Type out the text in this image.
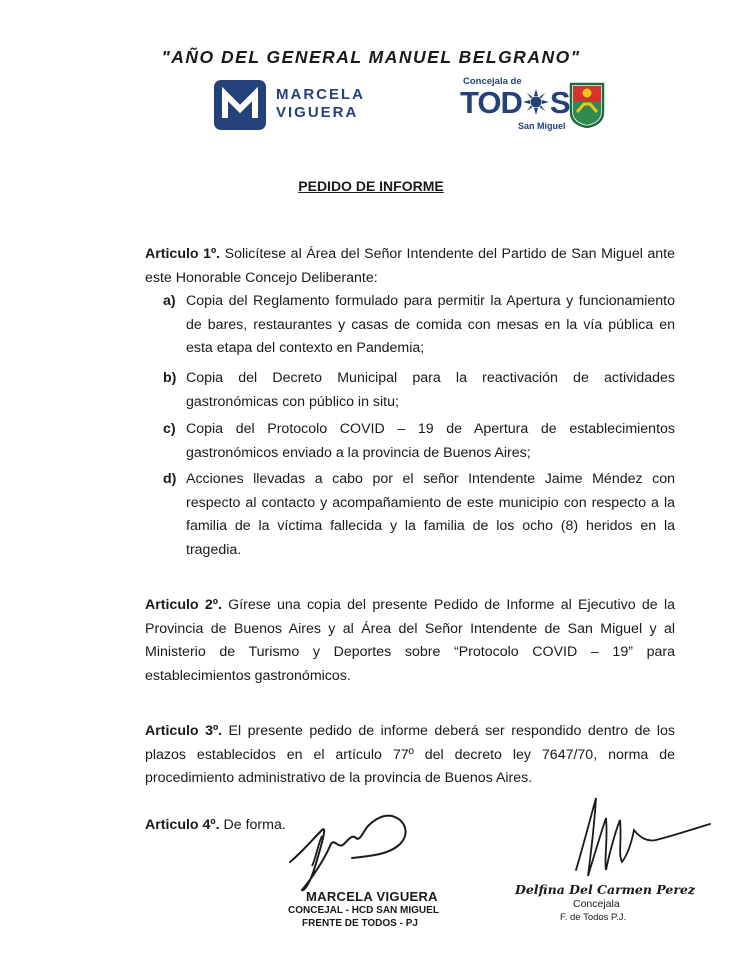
"AÑO DEL GENERAL MANUEL BELGRANO"
MARCELA
VIGUERA
Concejala de
TOD S
San Miguel
PEDIDO DE INFORME
Articulo 1º. Solicítese al Área del Señor Intendente del Partido de San Miguel ante este Honorable Concejo Deliberante:
a) Copia del Reglamento formulado para permitir la Apertura y funcionamiento de bares, restaurantes y casas de comida con mesas en la vía pública en esta etapa del contexto en Pandemia;
b) Copia del Decreto Municipal para la reactivación de actividades gastronómicas con público in situ;
c) Copia del Protocolo COVID – 19 de Apertura de establecimientos gastronómicos enviado a la provincia de Buenos Aires;
d) Acciones llevadas a cabo por el señor Intendente Jaime Méndez con respecto al contacto y acompañamiento de este municipio con respecto a la familia de la víctima fallecida y la familia de los ocho (8) heridos en la tragedia.
Articulo 2º. Gírese una copia del presente Pedido de Informe al Ejecutivo de la Provincia de Buenos Aires y al Área del Señor Intendente de San Miguel y al Ministerio de Turismo y Deportes sobre “Protocolo COVID – 19” para establecimientos gastronómicos.
Articulo 3º. El presente pedido de informe deberá ser respondido dentro de los plazos establecidos en el artículo 77º del decreto ley 7647/70, norma de procedimiento administrativo de la provincia de Buenos Aires.
Articulo 4º. De forma.
MARCELA VIGUERA
CONCEJAL - HCD SAN MIGUEL
FRENTE DE TODOS - PJ
Delfina Del Carmen Perez
Concejala
F. de Todos P.J.
